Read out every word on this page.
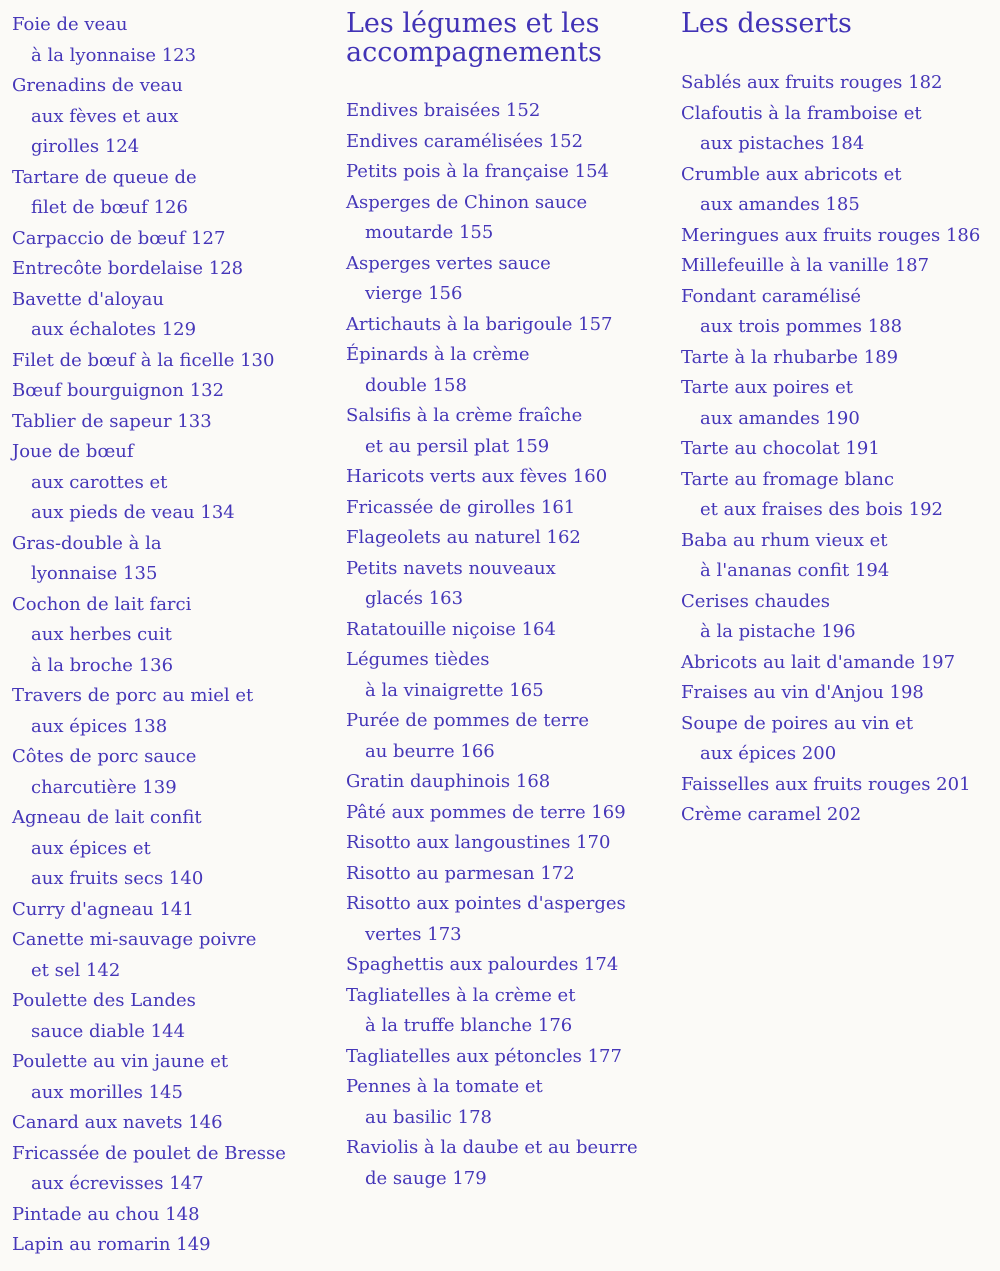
Foie de veau
à la lyonnaise 123
Grenadins de veau
aux fèves et aux
girolles 124
Tartare de queue de
filet de bœuf 126
Carpaccio de bœuf 127
Entrecôte bordelaise 128
Bavette d'aloyau
aux échalotes 129
Filet de bœuf à la ficelle 130
Bœuf bourguignon 132
Tablier de sapeur 133
Joue de bœuf
aux carottes et
aux pieds de veau 134
Gras-double à la
lyonnaise 135
Cochon de lait farci
aux herbes cuit
à la broche 136
Travers de porc au miel et
aux épices 138
Côtes de porc sauce
charcutière 139
Agneau de lait confit
aux épices et
aux fruits secs 140
Curry d'agneau 141
Canette mi-sauvage poivre
et sel 142
Poulette des Landes
sauce diable 144
Poulette au vin jaune et
aux morilles 145
Canard aux navets 146
Fricassée de poulet de Bresse
aux écrevisses 147
Pintade au chou 148
Lapin au romarin 149
Les légumes et les
accompagnements
Endives braisées 152
Endives caramélisées 152
Petits pois à la française 154
Asperges de Chinon sauce
moutarde 155
Asperges vertes sauce
vierge 156
Artichauts à la barigoule 157
Épinards à la crème
double 158
Salsifis à la crème fraîche
et au persil plat 159
Haricots verts aux fèves 160
Fricassée de girolles 161
Flageolets au naturel 162
Petits navets nouveaux
glacés 163
Ratatouille niçoise 164
Légumes tièdes
à la vinaigrette 165
Purée de pommes de terre
au beurre 166
Gratin dauphinois 168
Pâté aux pommes de terre 169
Risotto aux langoustines 170
Risotto au parmesan 172
Risotto aux pointes d'asperges
vertes 173
Spaghettis aux palourdes 174
Tagliatelles à la crème et
à la truffe blanche 176
Tagliatelles aux pétoncles 177
Pennes à la tomate et
au basilic 178
Raviolis à la daube et au beurre
de sauge 179
Les desserts
Sablés aux fruits rouges 182
Clafoutis à la framboise et
aux pistaches 184
Crumble aux abricots et
aux amandes 185
Meringues aux fruits rouges 186
Millefeuille à la vanille 187
Fondant caramélisé
aux trois pommes 188
Tarte à la rhubarbe 189
Tarte aux poires et
aux amandes 190
Tarte au chocolat 191
Tarte au fromage blanc
et aux fraises des bois 192
Baba au rhum vieux et
à l'ananas confit 194
Cerises chaudes
à la pistache 196
Abricots au lait d'amande 197
Fraises au vin d'Anjou 198
Soupe de poires au vin et
aux épices 200
Faisselles aux fruits rouges 201
Crème caramel 202
